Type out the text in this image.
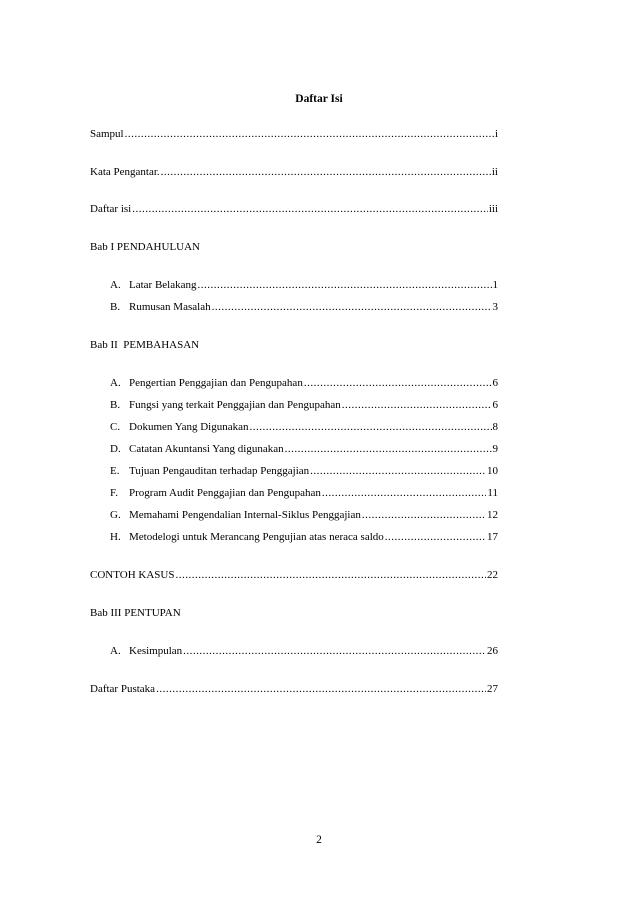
Daftar Isi
Sampul .....	i
Kata Pengantar. .....	ii
Daftar isi .....	iii
Bab I PENDAHULUAN
A. Latar Belakang .....	1
B. Rumusan Masalah .....	3
Bab II  PEMBAHASAN
A. Pengertian Penggajian dan Pengupahan .....	6
B. Fungsi yang terkait Penggajian dan Pengupahan .....	6
C. Dokumen Yang Digunakan .....	8
D. Catatan Akuntansi Yang digunakan .....	9
E. Tujuan Pengauditan terhadap Penggajian .....	10
F.	Program Audit Penggajian dan Pengupahan .....	11
G. Memahami Pengendalian Internal-Siklus Penggajian .....	12
H. Metodelogi untuk Merancang Pengujian atas neraca saldo .....	17
CONTOH KASUS .....	22
Bab III PENTUPAN
A. Kesimpulan .....	26
Daftar Pustaka .....	27
2
